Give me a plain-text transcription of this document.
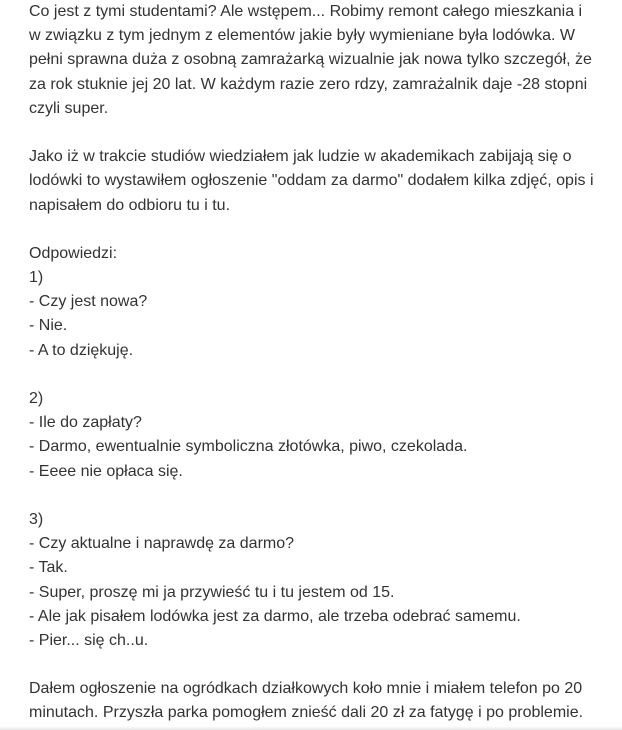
Co jest z tymi studentami? Ale wstępem... Robimy remont całego mieszkania i
w związku z tym jednym z elementów jakie były wymieniane była lodówka. W
pełni sprawna duża z osobną zamrażarką wizualnie jak nowa tylko szczegół, że
za rok stuknie jej 20 lat. W każdym razie zero rdzy, zamrażalnik daje -28 stopni
czyli super.
Jako iż w trakcie studiów wiedziałem jak ludzie w akademikach zabijają się o
lodówki to wystawiłem ogłoszenie "oddam za darmo" dodałem kilka zdjęć, opis i
napisałem do odbioru tu i tu.
Odpowiedzi:
1)
- Czy jest nowa?
- Nie.
- A to dziękuję.
2)
- Ile do zapłaty?
- Darmo, ewentualnie symboliczna złotówka, piwo, czekolada.
- Eeee nie opłaca się.
3)
- Czy aktualne i naprawdę za darmo?
- Tak.
- Super, proszę mi ja przywieść tu i tu jestem od 15.
- Ale jak pisałem lodówka jest za darmo, ale trzeba odebrać samemu.
- Pier... się ch..u.
Dałem ogłoszenie na ogródkach działkowych koło mnie i miałem telefon po 20
minutach. Przyszła parka pomogłem znieść dali 20 zł za fatygę i po problemie.
